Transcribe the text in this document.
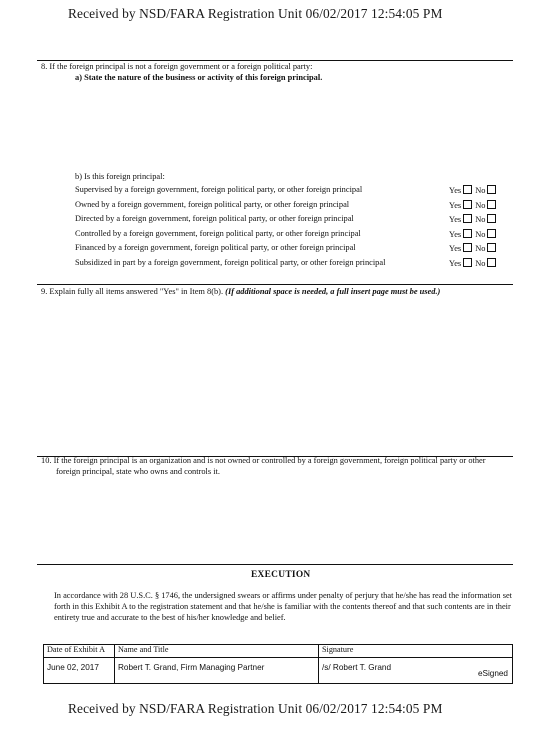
Received by NSD/FARA Registration Unit 06/02/2017 12:54:05 PM
8. If the foreign principal is not a foreign government or a foreign political party:
a) State the nature of the business or activity of this foreign principal.
b) Is this foreign principal:
Supervised by a foreign government, foreign political party, or other foreign principal	Yes No
Owned by a foreign government, foreign political party, or other foreign principal	Yes No
Directed by a foreign government, foreign political party, or other foreign principal	Yes No
Controlled by a foreign government, foreign political party, or other foreign principal	Yes No
Financed by a foreign government, foreign political party, or other foreign principal	Yes No
Subsidized in part by a foreign government, foreign political party, or other foreign principal	Yes No
9. Explain fully all items answered "Yes" in Item 8(b). (If additional space is needed, a full insert page must be used.)
10. If the foreign principal is an organization and is not owned or controlled by a foreign government, foreign political party or other
foreign principal, state who owns and controls it.
EXECUTION
In accordance with 28 U.S.C. § 1746, the undersigned swears or affirms under penalty of perjury that he/she has read the information set forth in this Exhibit A to the registration statement and that he/she is familiar with the contents thereof and that such contents are in their entirety true and accurate to the best of his/her knowledge and belief.
Date of Exhibit A	Name and Title	Signature
June 02, 2017	Robert T. Grand, Firm Managing Partner	/s/ Robert T. Grand
eSigned
Received by NSD/FARA Registration Unit 06/02/2017 12:54:05 PM
